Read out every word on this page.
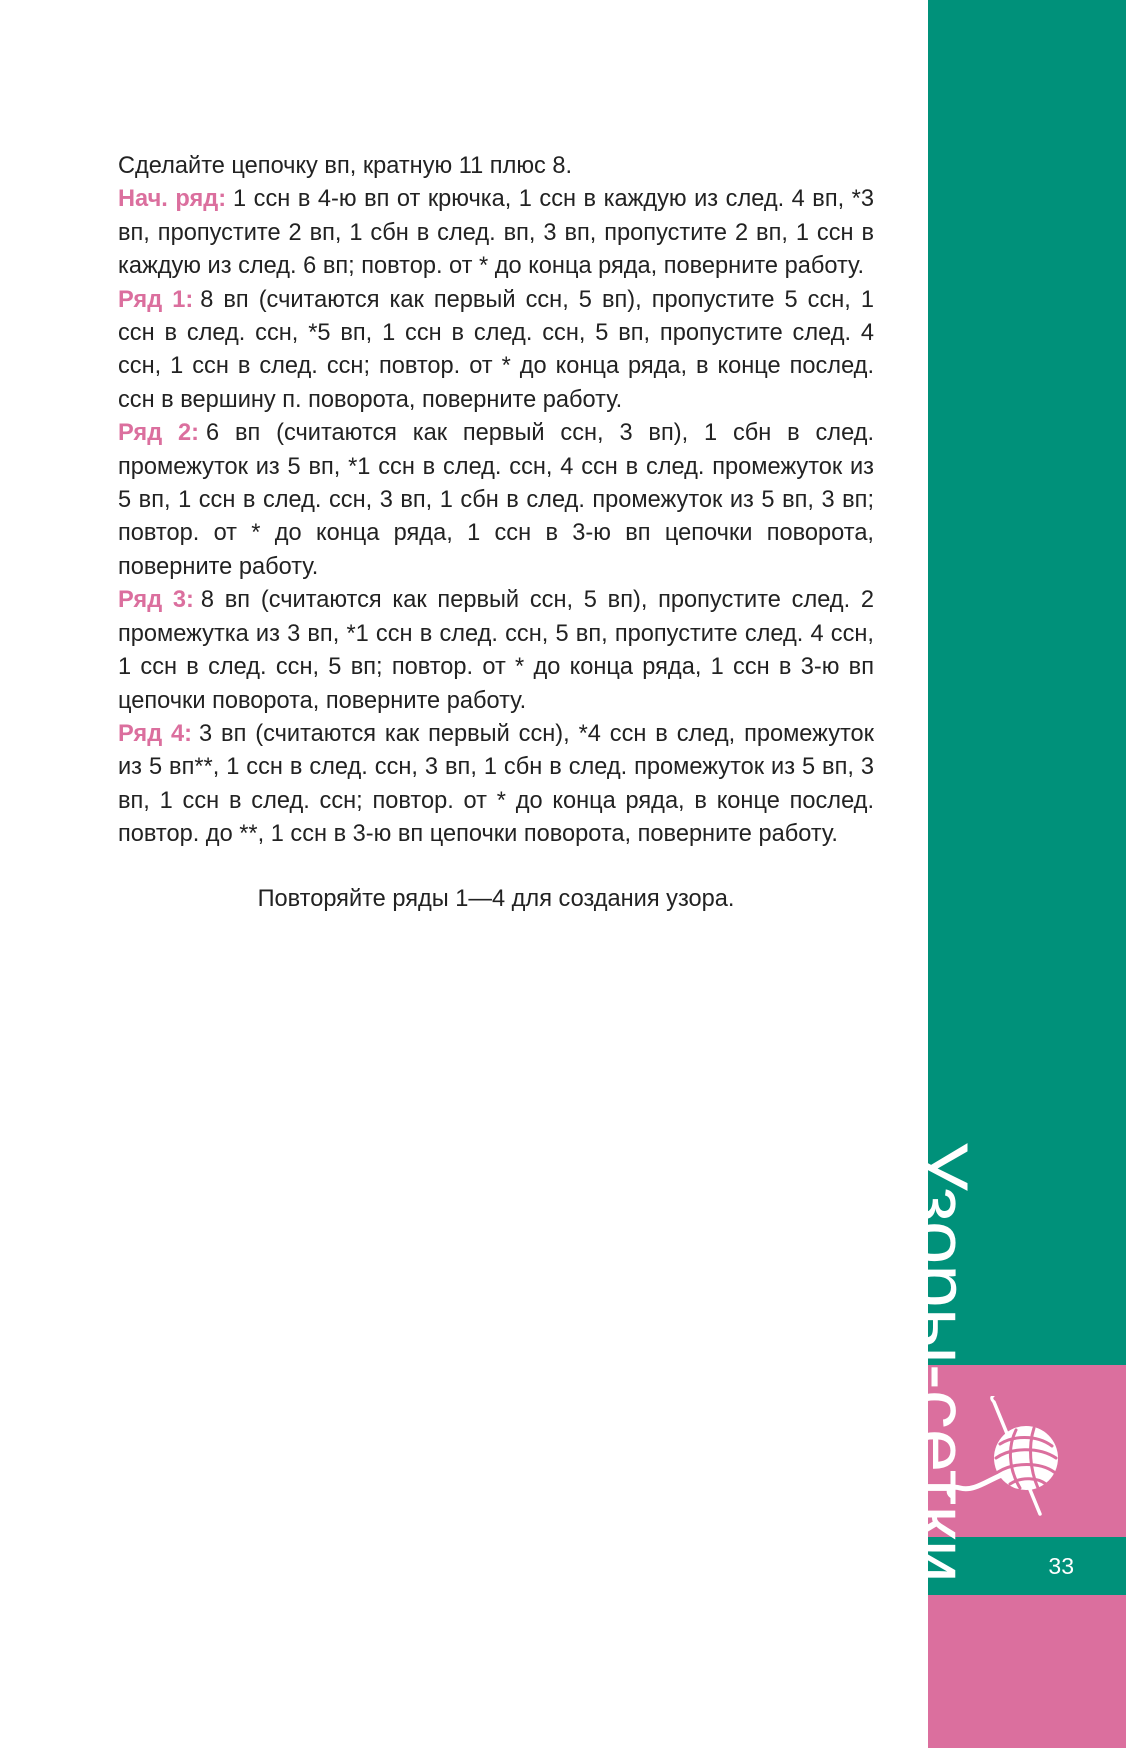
Сделайте цепочку вп, кратную 11 плюс 8.

Нач. ряд: 1 ссн в 4-ю вп от крючка, 1 ссн в каждую из след. 4 вп, *3 вп, пропустите 2 вп, 1 сбн в след. вп, 3 вп, пропустите 2 вп, 1 ссн в каждую из след. 6 вп; повтор. от * до конца ряда, поверните работу.

Ряд 1: 8 вп (считаются как первый ссн, 5 вп), пропустите 5 ссн, 1 ссн в след. ссн, *5 вп, 1 ссн в след. ссн, 5 вп, пропустите след. 4 ссн, 1 ссн в след. ссн; повтор. от * до конца ряда, в конце послед. ссн в вершину п. поворота, поверните работу.

Ряд 2: 6 вп (считаются как первый ссн, 3 вп), 1 сбн в след. промежуток из 5 вп, *1 ссн в след. ссн, 4 ссн в след. промежуток из 5 вп, 1 ссн в след. ссн, 3 вп, 1 сбн в след. промежуток из 5 вп, 3 вп; повтор. от * до конца ряда, 1 ссн в 3-ю вп цепочки поворота, поверните работу.

Ряд 3: 8 вп (считаются как первый ссн, 5 вп), пропустите след. 2 промежутка из 3 вп, *1 ссн в след. ссн, 5 вп, пропустите след. 4 ссн, 1 ссн в след. ссн, 5 вп; повтор. от * до конца ряда, 1 ссн в 3-ю вп цепочки поворота, поверните работу.

Ряд 4: 3 вп (считаются как первый ссн), *4 ссн в след, промежуток из 5 вп**, 1 ссн в след. ссн, 3 вп, 1 сбн в след. промежуток из 5 вп, 3 вп, 1 ссн в след. ссн; повтор. от * до конца ряда, в конце послед. повтор. до **, 1 ссн в 3-ю вп цепочки поворота, поверните работу.

Повторяйте ряды 1—4 для создания узора.

Узоры-сетки	33
